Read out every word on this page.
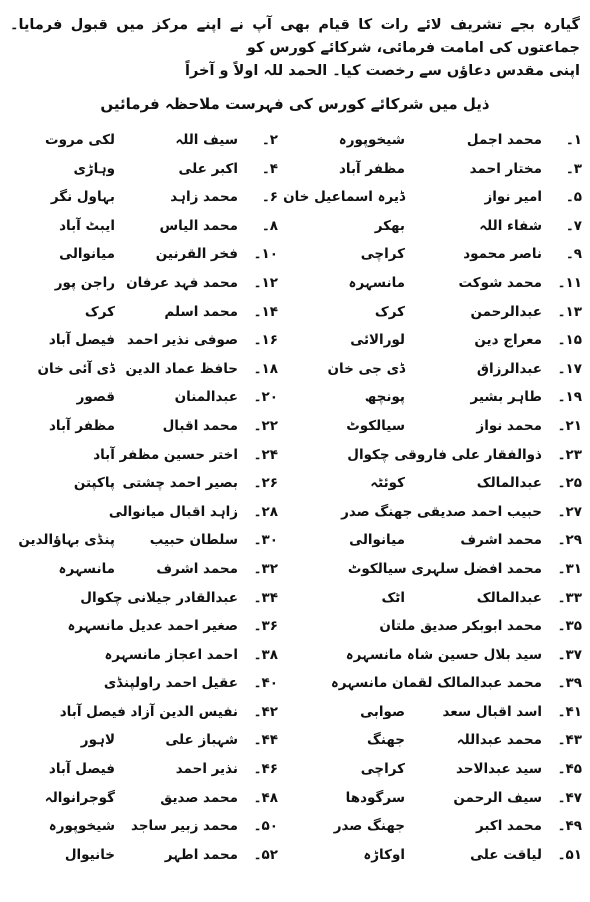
گیارہ بجے تشریف لائے رات کا قیام بھی آپ نے اپنے مرکز میں قبول فرمایا۔ جماعتوں کی امامت فرمائی، شرکائے کورس کو

اپنی مقدس دعاؤں سے رخصت کیا۔ الحمد للہ اولاً و آخراً

ذیل میں شرکائے کورس کی فہرست ملاحظہ فرمائیں
۱۔
محمد اجمل
شیخوپورہ
۲۔
سیف اللہ
لکی مروت
۳۔
مختار احمد
مظفر آباد
۴۔
اکبر علی
وہاڑی
۵۔
امیر نواز
ڈیرہ اسماعیل خان
۶۔
محمد زاہد
بہاول نگر
۷۔
شفاء اللہ
بھکر
۸۔
محمد الیاس
ایبٹ آباد
۹۔
ناصر محمود
کراچی
۱۰۔
فخر القرنین
میانوالی
۱۱۔
محمد شوکت
مانسہرہ
۱۲۔
محمد فہد عرفان
راجن پور
۱۳۔
عبدالرحمن
کرک
۱۴۔
محمد اسلم
کرک
۱۵۔
معراج دین
لورالائی
۱۶۔
صوفی نذیر احمد
فیصل آباد
۱۷۔
عبدالرزاق
ڈی جی خان
۱۸۔
حافظ عماد الدین
ڈی آئی خان
۱۹۔
طاہر بشیر
پونچھ
۲۰۔
عبدالمنان
قصور
۲۱۔
محمد نواز
سیالکوٹ
۲۲۔
محمد اقبال
مظفر آباد
۲۳۔
ذوالفقار علی فاروقی چکوال
۲۴۔
اختر حسین مظفر آباد
۲۵۔
عبدالمالک
کوئٹہ
۲۶۔
بصیر احمد چشتی
پاکپتن
۲۷۔
حبیب احمد صدیقی جھنگ صدر
۲۸۔
زاہد اقبال میانوالی
۲۹۔
محمد اشرف
میانوالی
۳۰۔
سلطان حبیب
پنڈی بہاؤالدین
۳۱۔
محمد افضل سلہری سیالکوٹ
۳۲۔
محمد اشرف
مانسہرہ
۳۳۔
عبدالمالک
اٹک
۳۴۔
عبدالقادر جیلانی چکوال
۳۵۔
محمد ابوبکر صدیق ملتان
۳۶۔
صغیر احمد عدیل مانسہرہ
۳۷۔
سید بلال حسین شاہ مانسہرہ
۳۸۔
احمد اعجاز مانسہرہ
۳۹۔
محمد عبدالمالک لقمان مانسہرہ
۴۰۔
عقیل احمد راولپنڈی
۴۱۔
اسد اقبال سعد
صوابی
۴۲۔
نفیس الدین آزاد فیصل آباد
۴۳۔
محمد عبداللہ
جھنگ
۴۴۔
شہباز علی
لاہور
۴۵۔
سید عبدالاحد
کراچی
۴۶۔
نذیر احمد
فیصل آباد
۴۷۔
سیف الرحمن
سرگودھا
۴۸۔
محمد صدیق
گوجرانوالہ
۴۹۔
محمد اکبر
جھنگ صدر
۵۰۔
محمد زبیر ساجد
شیخوپورہ
۵۱۔
لیاقت علی
اوکاڑہ
۵۲۔
محمد اطہر
خانیوال
